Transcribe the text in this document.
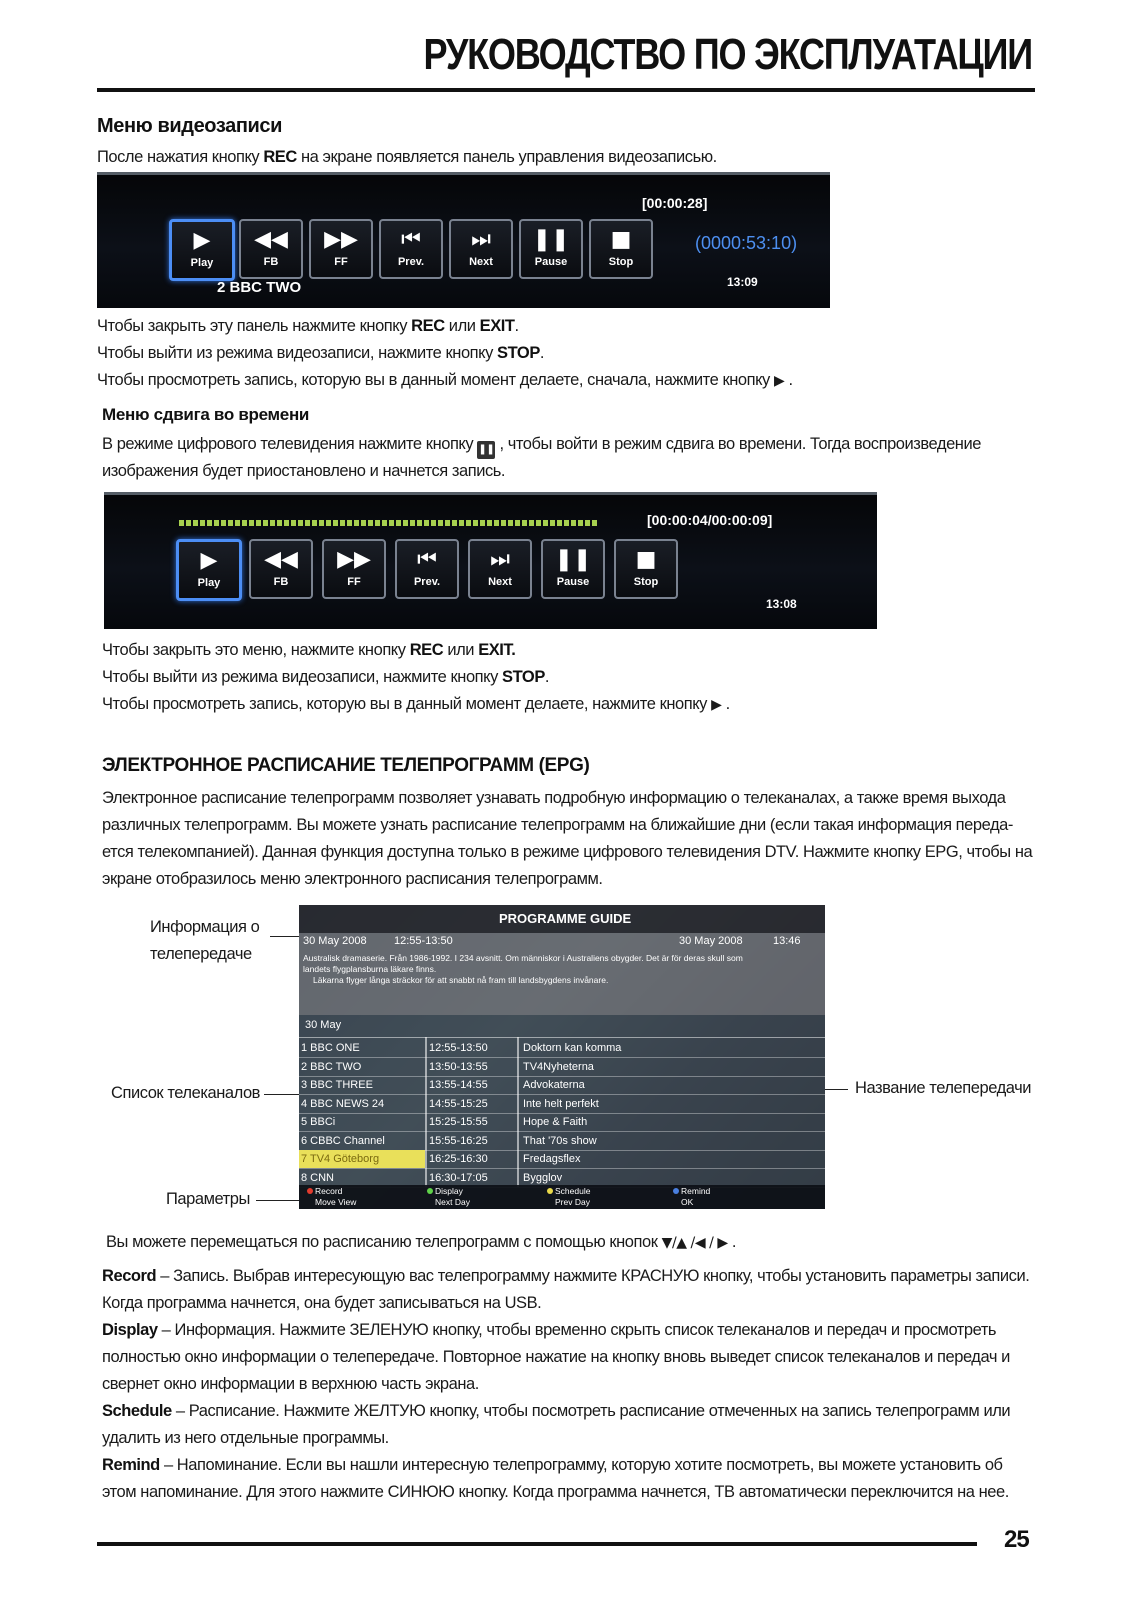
РУКОВОДСТВО ПО ЭКСПЛУАТАЦИИ
Меню видеозаписи
После нажатия кнопку REC на экране появляется панель управления видеозаписью.
▶
Play
◀◀
FB
▶▶
FF
⏮
Prev.
⏭
Next
❚❚
Pause
■
Stop
2 BBC TWO
[00:00:28]
(0000:53:10)
13:09
Чтобы закрыть эту панель нажмите кнопку REC или EXIT.
Чтобы выйти из режима видеозаписи, нажмите кнопку STOP.
Чтобы просмотреть запись, которую вы в данный момент делаете, сначала, нажмите кнопку ▶ .
Меню сдвига во времени
В режиме цифрового телевидения нажмите кнопку ❚❚ , чтобы войти в режим сдвига во времени. Тогда воспроизведение
изображения будет приостановлено и начнется запись.
[00:00:04/00:00:09]
▶
Play
◀◀
FB
▶▶
FF
⏮
Prev.
⏭
Next
❚❚
Pause
■
Stop
13:08
Чтобы закрыть это меню, нажмите кнопку REC или EXIT.
Чтобы выйти из режима видеозаписи, нажмите кнопку STOP.
Чтобы просмотреть запись, которую вы в данный момент делаете, нажмите кнопку ▶ .
ЭЛЕКТРОННОЕ РАСПИСАНИЕ ТЕЛЕПРОГРАММ (EPG)
Электронное расписание телепрограмм позволяет узнавать подробную информацию о телеканалах, а также время выхода
различных телепрограмм. Вы можете узнать расписание телепрограмм на ближайшие дни (если такая информация переда-
ется телекомпанией). Данная функция доступна только в режиме цифрового телевидения DTV. Нажмите кнопку EPG, чтобы на
экране отобразилось меню электронного расписания телепрограмм.
Информация о
телепередаче
Список телеканалов
Параметры
Название телепередачи
PROGRAMME GUIDE
30 May 2008 12:55-13:50	30 May 2008	13:46
Australisk dramaserie. Från 1986-1992. I 234 avsnitt. Om människor i Australiens obygder. Det är för deras skull som
landets flygplansburna läkare finns.
Läkarna flyger långa sträckor för att snabbt nå fram till landsbygdens invånare.
30 May
1 BBC ONE	12:55-13:50	Doktorn kan komma
2 BBC TWO	13:50-13:55	TV4Nyheterna
3 BBC THREE	13:55-14:55	Advokaterna
4 BBC NEWS 24	14:55-15:25	Inte helt perfekt
5 BBCi	15:25-15:55	Hope & Faith
6 CBBC Channel	15:55-16:25	That '70s show
7 TV4 Göteborg	16:25-16:30	Fredagsflex
8 CNN	16:30-17:05	Bygglov
Record	Display	Schedule	Remind
Move View	Next Day	Prev Day	OK
Вы можете перемещаться по расписанию телепрограмм с помощью кнопок ▼/▲ /◀ / ▶ .
Record – Запись. Выбрав интересующую вас телепрограмму нажмите КРАСНУЮ кнопку, чтобы установить параметры записи.
Когда программа начнется, она будет записываться на USB.
Display – Информация. Нажмите ЗЕЛЕНУЮ кнопку, чтобы временно скрыть список телеканалов и передач и просмотреть
полностью окно информации о телепередаче. Повторное нажатие на кнопку вновь выведет список телеканалов и передач и
свернет окно информации в верхнюю часть экрана.
Schedule – Расписание. Нажмите ЖЕЛТУЮ кнопку, чтобы посмотреть расписание отмеченных на запись телепрограмм или
удалить из него отдельные программы.
Remind – Напоминание. Если вы нашли интересную телепрограмму, которую хотите посмотреть, вы можете установить об
этом напоминание. Для этого нажмите СИНЮЮ кнопку. Когда программа начнется, ТВ автоматически переключится на нее.
25
